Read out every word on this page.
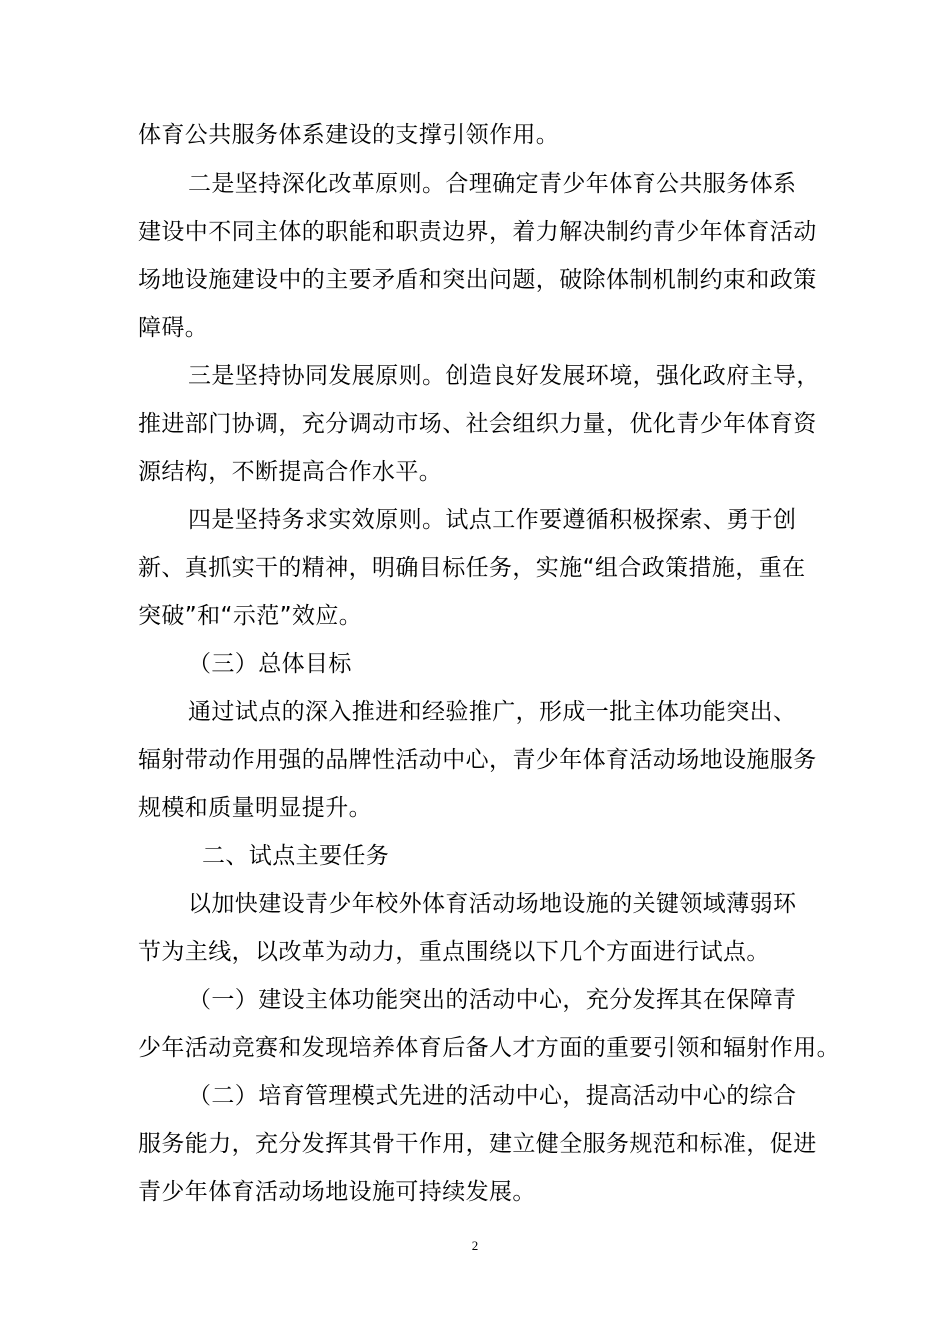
体育公共服务体系建设的支撑引领作用。
二是坚持深化改革原则。合理确定青少年体育公共服务体系
建设中不同主体的职能和职责边界，着力解决制约青少年体育活动
场地设施建设中的主要矛盾和突出问题，破除体制机制约束和政策
障碍。
三是坚持协同发展原则。创造良好发展环境，强化政府主导，
推进部门协调，充分调动市场、社会组织力量，优化青少年体育资
源结构，不断提高合作水平。
四是坚持务求实效原则。试点工作要遵循积极探索、勇于创
新、真抓实干的精神，明确目标任务，实施“组合政策措施，重在
突破”和“示范”效应。
（三）总体目标
通过试点的深入推进和经验推广，形成一批主体功能突出、
辐射带动作用强的品牌性活动中心，青少年体育活动场地设施服务
规模和质量明显提升。
二、试点主要任务
以加快建设青少年校外体育活动场地设施的关键领域薄弱环
节为主线，以改革为动力，重点围绕以下几个方面进行试点。
（一）建设主体功能突出的活动中心，充分发挥其在保障青
少年活动竞赛和发现培养体育后备人才方面的重要引领和辐射作用。
（二）培育管理模式先进的活动中心，提高活动中心的综合
服务能力，充分发挥其骨干作用，建立健全服务规范和标准，促进
青少年体育活动场地设施可持续发展。
2
